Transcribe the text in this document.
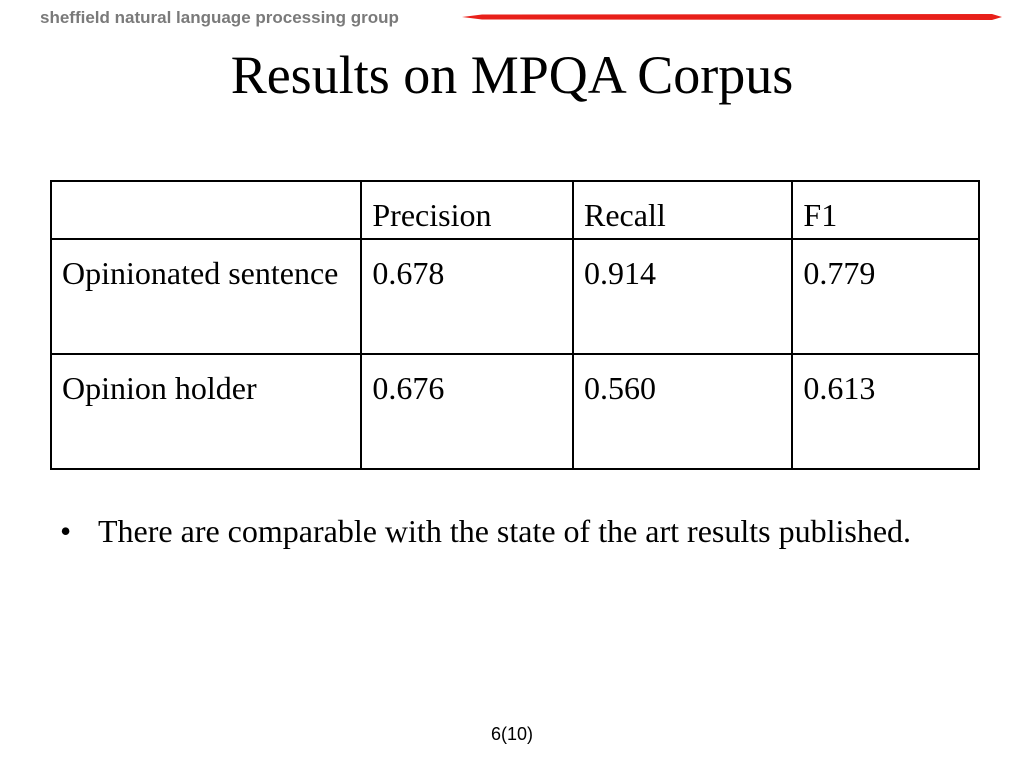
sheffield natural language processing group
Results on MPQA Corpus
	Precision	Recall	F1
Opinionated sentence	0.678	0.914	0.779
Opinion holder	0.676	0.560	0.613
• There are comparable with the state of the art results published.
6(10)
